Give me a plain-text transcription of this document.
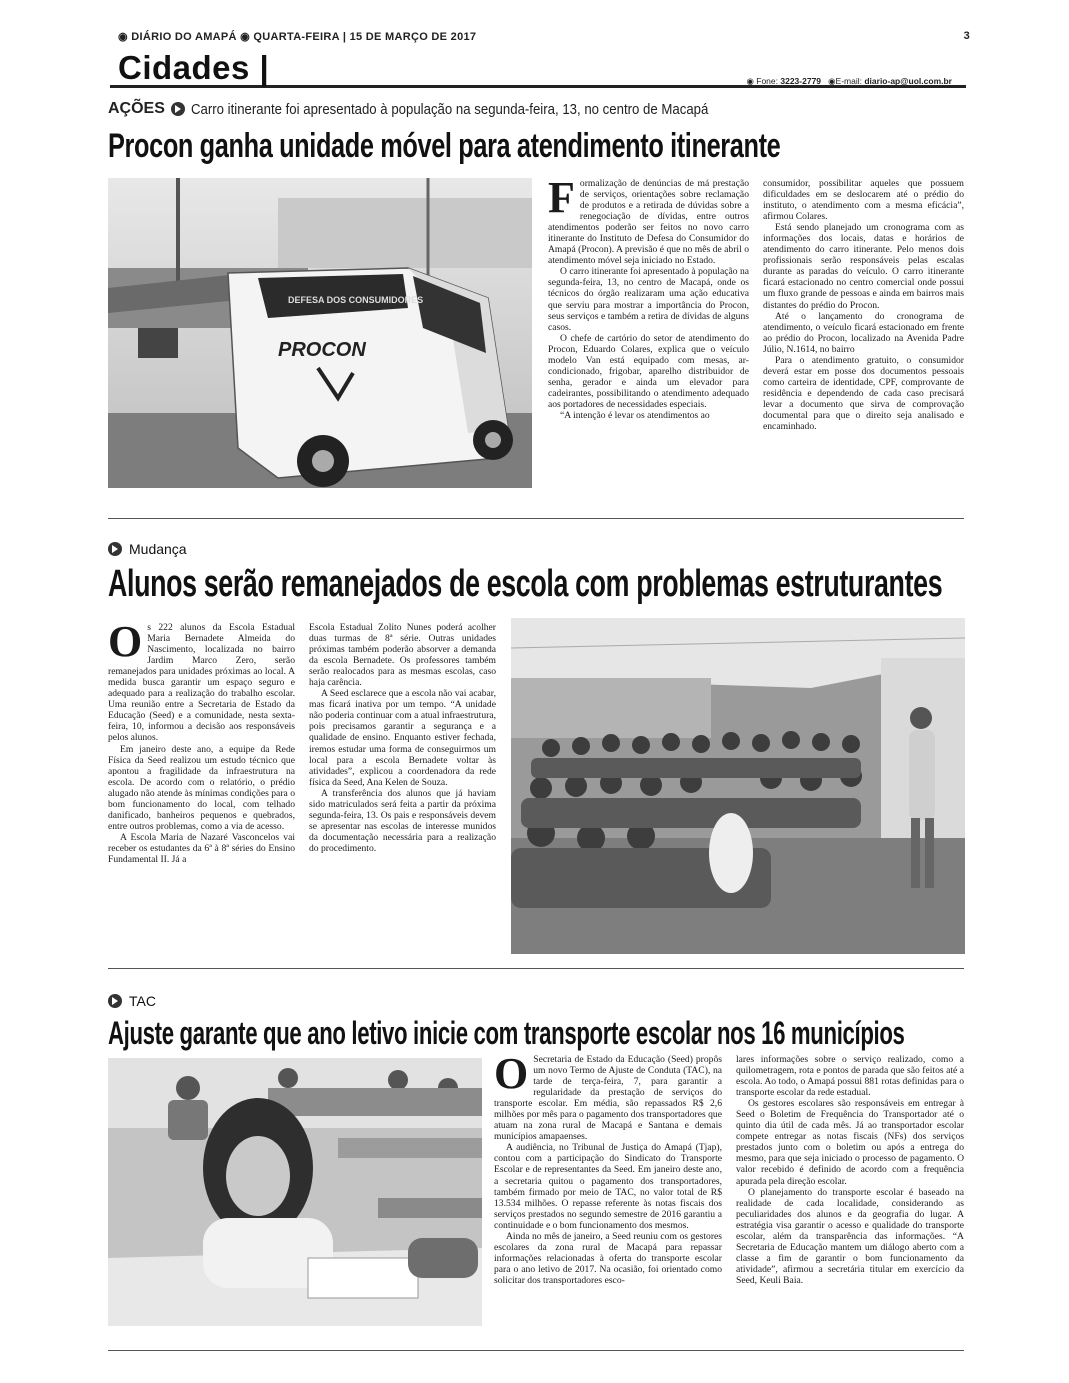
◉ DIÁRIO DO AMAPÁ ◉ QUARTA-FEIRA | 15 DE MARÇO DE 2017	3
Cidades |	◉ Fone: 3223-2779 ◉E-mail: diario-ap@uol.com.br
AÇÕES Carro itinerante foi apresentado à população na segunda-feira, 13, no centro de Macapá
Procon ganha unidade móvel para atendimento itinerante
DEFESA DOS CONSUMIDORES
PROCON
F ormalização de denúncias de má prestação de serviços, orientações sobre reclamação de produtos e a retirada de dúvidas sobre a renegociação de dívidas, entre outros atendimentos poderão ser feitos no novo carro itinerante do Instituto de Defesa do Consumidor do Amapá (Procon). A previsão é que no mês de abril o atendimento móvel seja iniciado no Estado.

O carro itinerante foi apresentado à população na segunda-feira, 13, no centro de Macapá, onde os técnicos do órgão realizaram uma ação educativa que serviu para mostrar a importância do Procon, seus serviços e também a retira de dívidas de alguns casos.

O chefe de cartório do setor de atendimento do Procon, Eduardo Colares, explica que o veículo modelo Van está equipado com mesas, ar-condicionado, frigobar, aparelho distribuidor de senha, gerador e ainda um elevador para cadeirantes, possibilitando o atendimento adequado aos portadores de necessidades especiais.

“A intenção é levar os atendimentos ao

consumidor, possibilitar aqueles que possuem dificuldades em se deslocarem até o prédio do instituto, o atendimento com a mesma eficácia”, afirmou Colares.

Está sendo planejado um cronograma com as informações dos locais, datas e horários de atendimento do carro itinerante. Pelo menos dois profissionais serão responsáveis pelas escalas durante as paradas do veículo. O carro itinerante ficará estacionado no centro comercial onde possui um fluxo grande de pessoas e ainda em bairros mais distantes do prédio do Procon.

Até o lançamento do cronograma de atendimento, o veículo ficará estacionado em frente ao prédio do Procon, localizado na Avenida Padre Júlio, N.1614, no bairro

Para o atendimento gratuito, o consumidor deverá estar em posse dos documentos pessoais como carteira de identidade, CPF, comprovante de residência e dependendo de cada caso precisará levar a documento que sirva de comprovação documental para que o direito seja analisado e encaminhado.

Mudança
Alunos serão remanejados de escola com problemas estruturantes
O s 222 alunos da Escola Estadual Maria Bernadete Almeida do Nascimento, localizada no bairro Jardim Marco Zero, serão remanejados para unidades próximas ao local. A medida busca garantir um espaço seguro e adequado para a realização do trabalho escolar. Uma reunião entre a Secretaria de Estado da Educação (Seed) e a comunidade, nesta sexta-feira, 10, informou a decisão aos responsáveis pelos alunos.

Em janeiro deste ano, a equipe da Rede Física da Seed realizou um estudo técnico que apontou a fragilidade da infraestrutura na escola. De acordo com o relatório, o prédio alugado não atende às mínimas condições para o bom funcionamento do local, com telhado danificado, banheiros pequenos e quebrados, entre outros problemas, como a via de acesso.

A Escola Maria de Nazaré Vasconcelos vai receber os estudantes da 6ª à 8ª séries do Ensino Fundamental II. Já a

Escola Estadual Zolito Nunes poderá acolher duas turmas de 8ª série. Outras unidades próximas também poderão absorver a demanda da escola Bernadete. Os professores também serão realocados para as mesmas escolas, caso haja carência.

A Seed esclarece que a escola não vai acabar, mas ficará inativa por um tempo. “A unidade não poderia continuar com a atual infraestrutura, pois precisamos garantir a segurança e a qualidade de ensino. Enquanto estiver fechada, iremos estudar uma forma de conseguirmos um local para a escola Bernadete voltar às atividades”, explicou a coordenadora da rede física da Seed, Ana Kelen de Souza.

A transferência dos alunos que já haviam sido matriculados será feita a partir da próxima segunda-feira, 13. Os pais e responsáveis devem se apresentar nas escolas de interesse munidos da documentação necessária para a realização do procedimento.

TAC
Ajuste garante que ano letivo inicie com transporte escolar nos 16 municípios
O Secretaria de Estado da Educação (Seed) propôs um novo Termo de Ajuste de Conduta (TAC), na tarde de terça-feira, 7, para garantir a regularidade da prestação de serviços do transporte escolar. Em média, são repassados R$ 2,6 milhões por mês para o pagamento dos transportadores que atuam na zona rural de Macapá e Santana e demais municípios amapaenses.

A audiência, no Tribunal de Justiça do Amapá (Tjap), contou com a participação do Sindicato do Transporte Escolar e de representantes da Seed. Em janeiro deste ano, a secretaria quitou o pagamento dos transportadores, também firmado por meio de TAC, no valor total de R$ 13.534 milhões. O repasse referente às notas fiscais dos serviços prestados no segundo semestre de 2016 garantiu a continuidade e o bom funcionamento dos mesmos.

Ainda no mês de janeiro, a Seed reuniu com os gestores escolares da zona rural de Macapá para repassar informações relacionadas à oferta do transporte escolar para o ano letivo de 2017. Na ocasião, foi orientado como solicitar dos transportadores esco-

lares informações sobre o serviço realizado, como a quilometragem, rota e pontos de parada que são feitos até a escola. Ao todo, o Amapá possui 881 rotas definidas para o transporte escolar da rede estadual.

Os gestores escolares são responsáveis em entregar à Seed o Boletim de Frequência do Transportador até o quinto dia útil de cada mês. Já ao transportador escolar compete entregar as notas fiscais (NFs) dos serviços prestados junto com o boletim ou após a entrega do mesmo, para que seja iniciado o processo de pagamento. O valor recebido é definido de acordo com a frequência apurada pela direção escolar.

O planejamento do transporte escolar é baseado na realidade de cada localidade, considerando as peculiaridades dos alunos e da geografia do lugar. A estratégia visa garantir o acesso e qualidade do transporte escolar, além da transparência das informações. “A Secretaria de Educação mantem um diálogo aberto com a classe a fim de garantir o bom funcionamento da atividade”, afirmou a secretária titular em exercício da Seed, Keuli Baia.
